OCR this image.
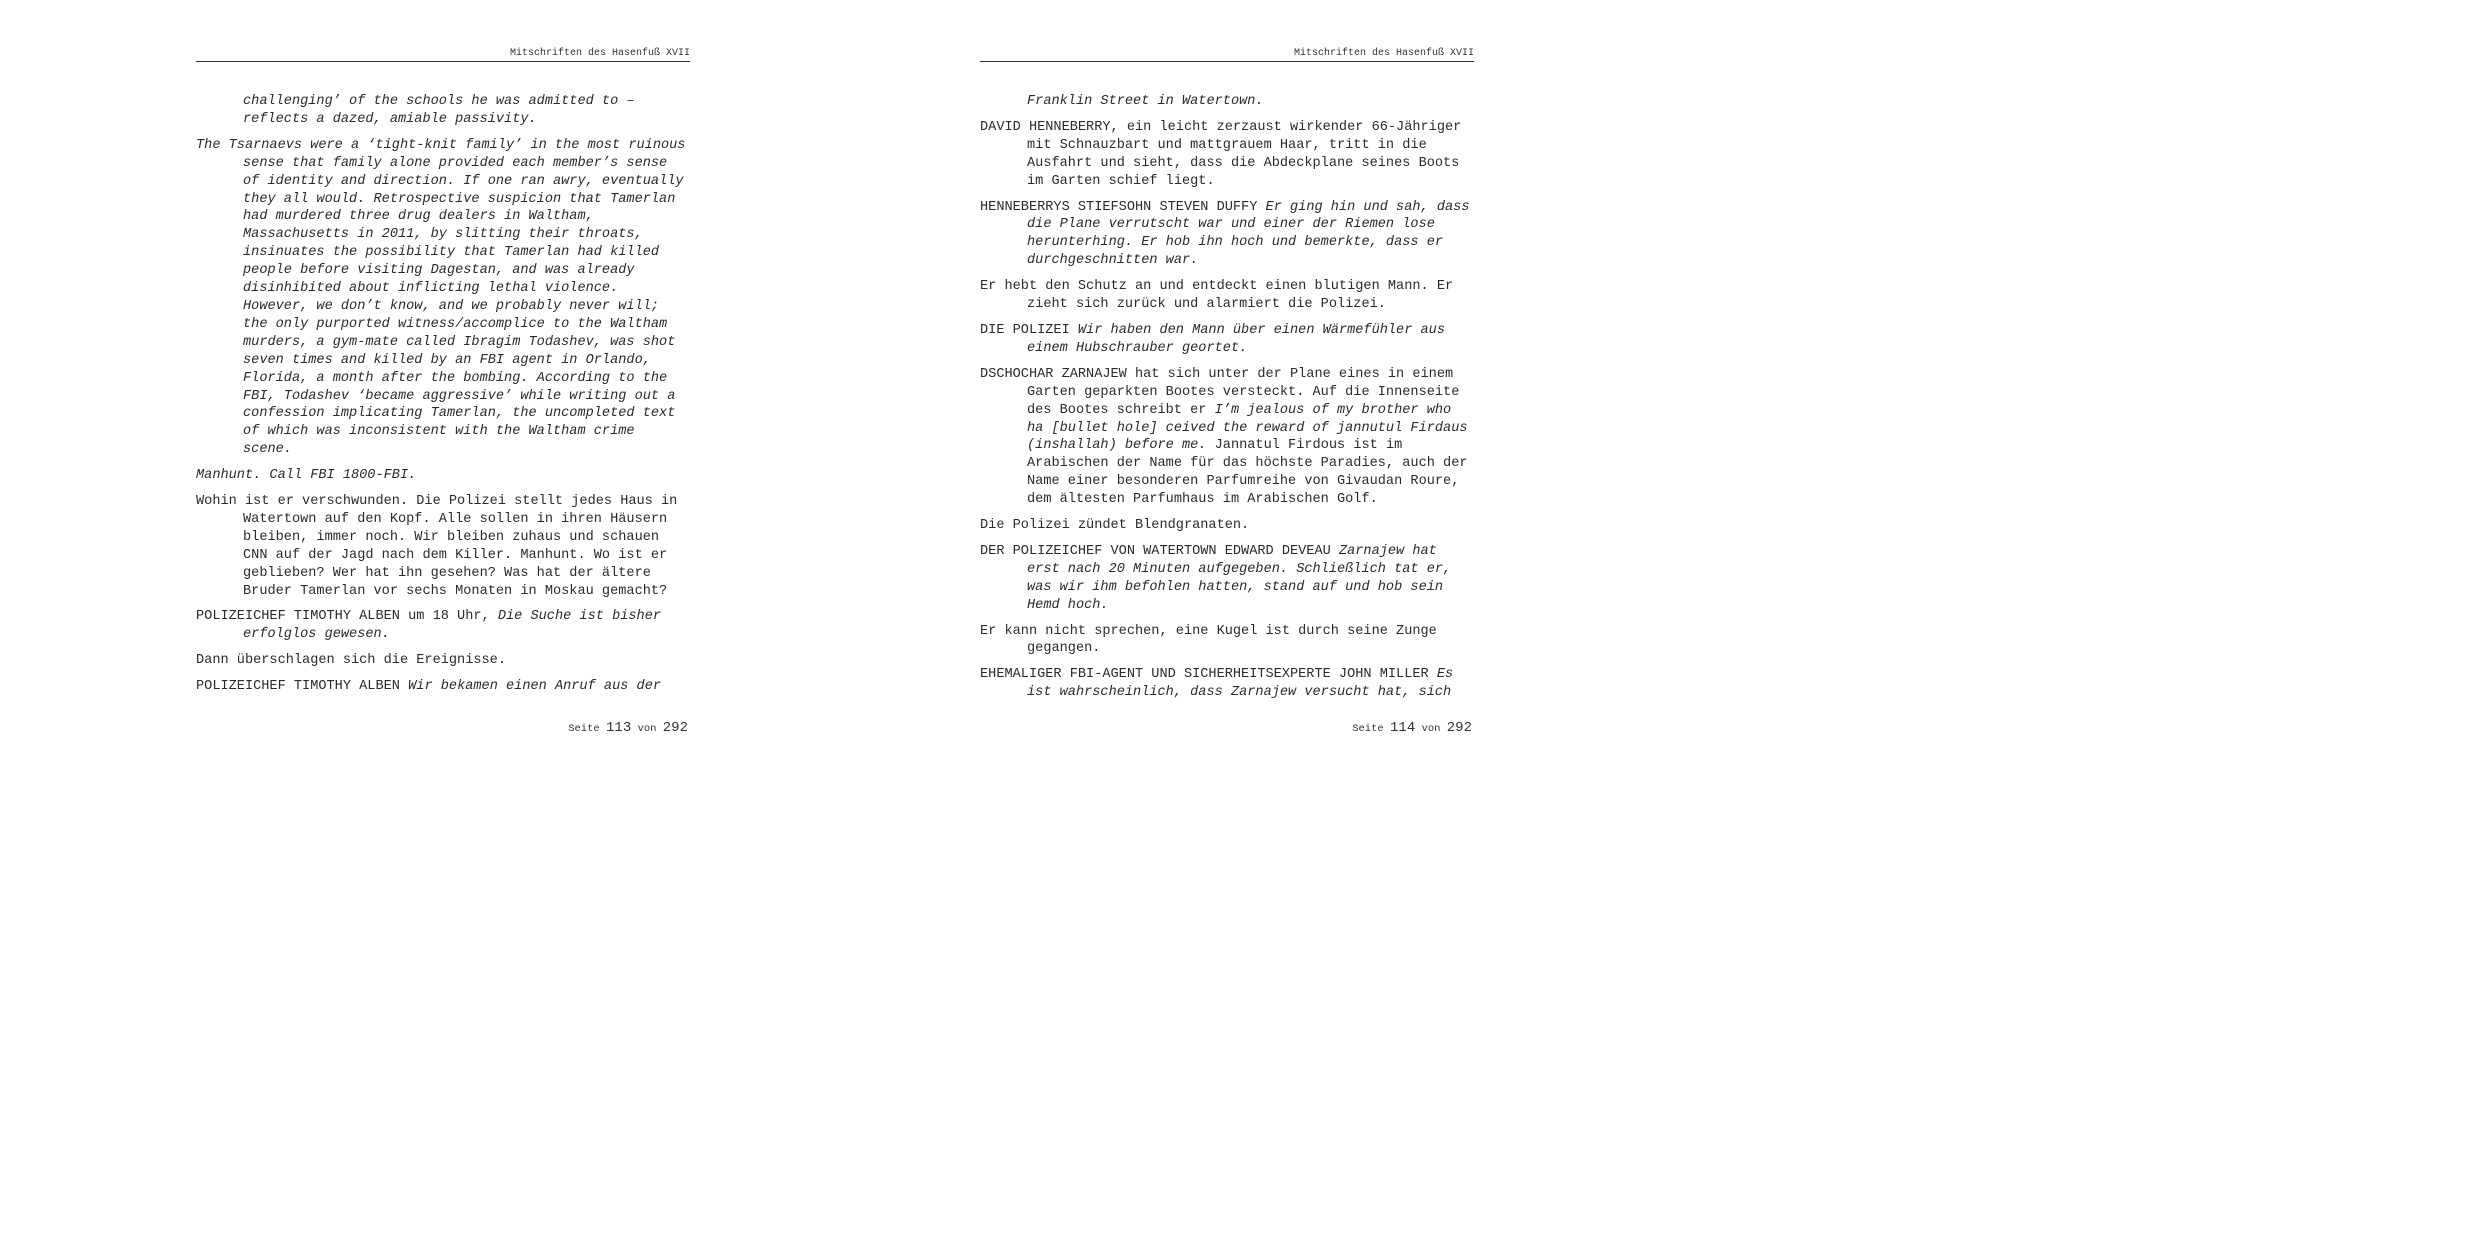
Mitschriften des Hasenfuß XVII

challenging’ of the schools he was admitted to –
reflects a dazed, amiable passivity.

The Tsarnaevs were a ‘tight-knit family’ in the most ruinous
sense that family alone provided each member’s sense
of identity and direction. If one ran awry, eventually
they all would. Retrospective suspicion that Tamerlan
had murdered three drug dealers in Waltham,
Massachusetts in 2011, by slitting their throats,
insinuates the possibility that Tamerlan had killed
people before visiting Dagestan, and was already
disinhibited about inflicting lethal violence.
However, we don’t know, and we probably never will;
the only purported witness/accomplice to the Waltham
murders, a gym-mate called Ibragim Todashev, was shot
seven times and killed by an FBI agent in Orlando,
Florida, a month after the bombing. According to the
FBI, Todashev ‘became aggressive’ while writing out a
confession implicating Tamerlan, the uncompleted text
of which was inconsistent with the Waltham crime
scene.

Manhunt. Call FBI 1800-FBI.

Wohin ist er verschwunden. Die Polizei stellt jedes Haus in
Watertown auf den Kopf. Alle sollen in ihren Häusern
bleiben, immer noch. Wir bleiben zuhaus und schauen
CNN auf der Jagd nach dem Killer. Manhunt. Wo ist er
geblieben? Wer hat ihn gesehen? Was hat der ältere
Bruder Tamerlan vor sechs Monaten in Moskau gemacht?

POLIZEICHEF TIMOTHY ALBEN um 18 Uhr, Die Suche ist bisher
erfolglos gewesen.

Dann überschlagen sich die Ereignisse.

POLIZEICHEF TIMOTHY ALBEN Wir bekamen einen Anruf aus der

Seite 113 von 292
Mitschriften des Hasenfuß XVII

Franklin Street in Watertown.

DAVID HENNEBERRY, ein leicht zerzaust wirkender 66-Jähriger
mit Schnauzbart und mattgrauem Haar, tritt in die
Ausfahrt und sieht, dass die Abdeckplane seines Boots
im Garten schief liegt.

HENNEBERRYS STIEFSOHN STEVEN DUFFY Er ging hin und sah, dass
die Plane verrutscht war und einer der Riemen lose
herunterhing. Er hob ihn hoch und bemerkte, dass er
durchgeschnitten war.

Er hebt den Schutz an und entdeckt einen blutigen Mann. Er
zieht sich zurück und alarmiert die Polizei.

DIE POLIZEI Wir haben den Mann über einen Wärmefühler aus
einem Hubschrauber geortet.

DSCHOCHAR ZARNAJEW hat sich unter der Plane eines in einem
Garten geparkten Bootes versteckt. Auf die Innenseite
des Bootes schreibt er I’m jealous of my brother who
ha [bullet hole] ceived the reward of jannutul Firdaus
(inshallah) before me. Jannatul Firdous ist im
Arabischen der Name für das höchste Paradies, auch der
Name einer besonderen Parfumreihe von Givaudan Roure,
dem ältesten Parfumhaus im Arabischen Golf.

Die Polizei zündet Blendgranaten.

DER POLIZEICHEF VON WATERTOWN EDWARD DEVEAU Zarnajew hat
erst nach 20 Minuten aufgegeben. Schließlich tat er,
was wir ihm befohlen hatten, stand auf und hob sein
Hemd hoch.

Er kann nicht sprechen, eine Kugel ist durch seine Zunge
gegangen.

EHEMALIGER FBI-AGENT UND SICHERHEITSEXPERTE JOHN MILLER Es
ist wahrscheinlich, dass Zarnajew versucht hat, sich

Seite 114 von 292
